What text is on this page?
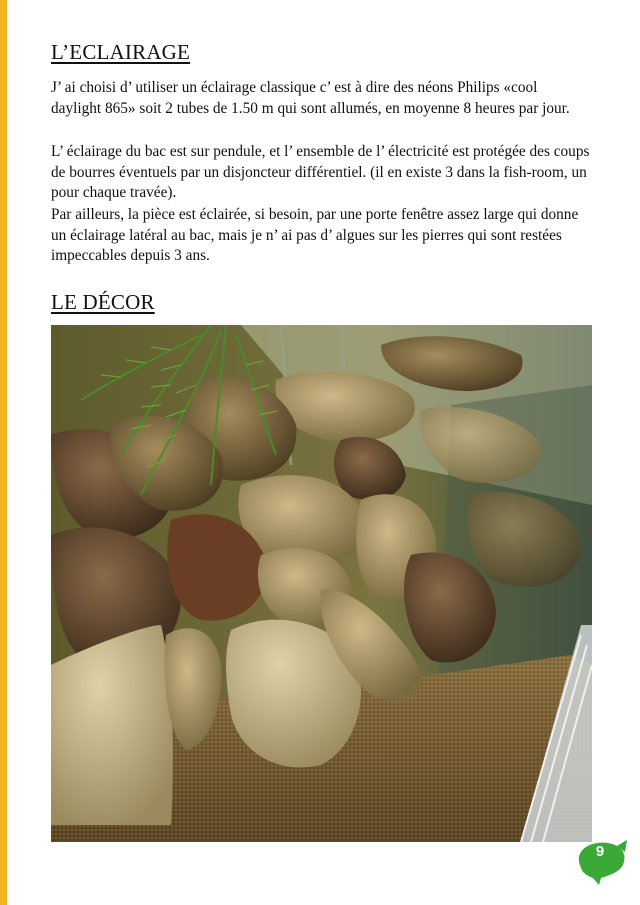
L’ECLAIRAGE

J’ ai choisi d’ utiliser un éclairage classique c’ est à dire des néons Philips «cool daylight 865» soit 2 tubes de 1.50 m qui sont allumés, en moyenne 8 heures par jour.

L’ éclairage du bac est sur pendule, et l’ ensemble de l’ électricité est protégée des coups de bourres éventuels par un disjoncteur différentiel. (il en existe 3 dans la fish-room, un pour chaque travée).

Par ailleurs, la pièce est éclairée, si besoin, par une porte fenêtre assez large qui donne un éclairage latéral au bac, mais je n’ ai pas d’ algues sur les pierres qui sont restées impeccables depuis 3 ans.

LE DÉCOR
9
